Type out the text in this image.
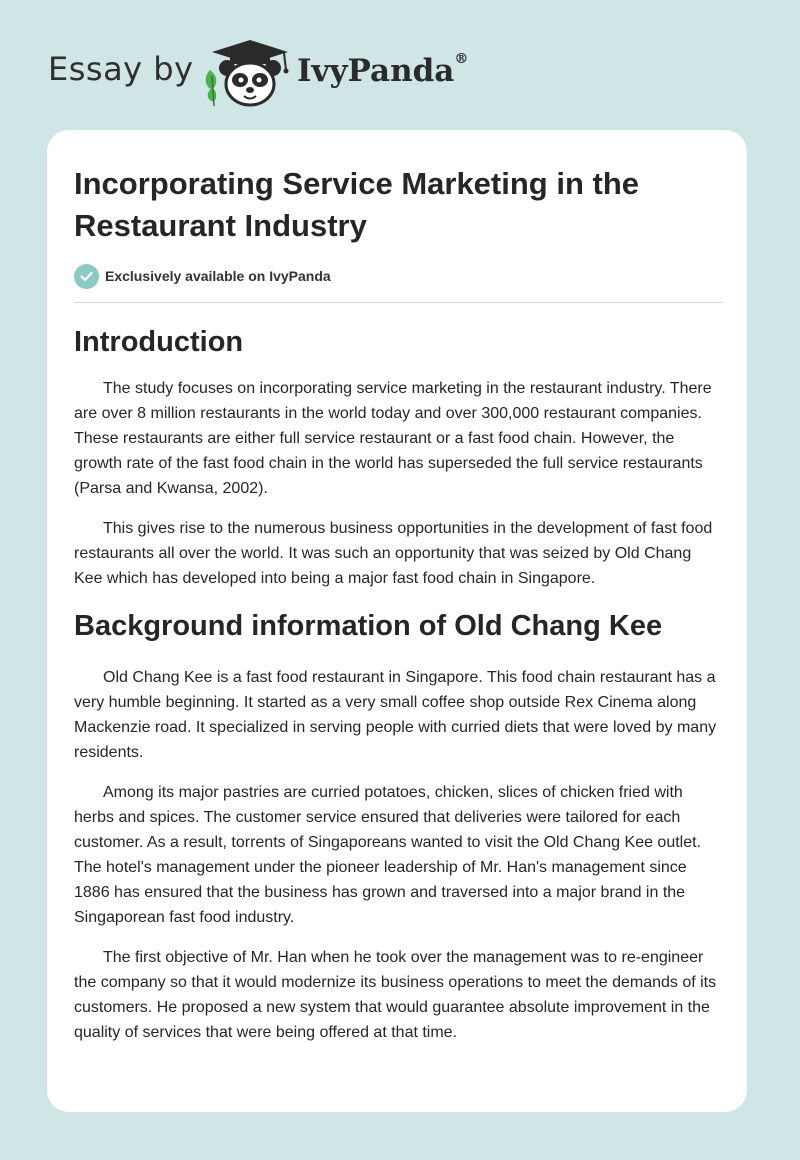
Essay by	IvyPanda®
Incorporating Service Marketing in the Restaurant Industry
Exclusively available on IvyPanda
Introduction

The study focuses on incorporating service marketing in the restaurant industry. There are over 8 million restaurants in the world today and over 300,000 restaurant companies. These restaurants are either full service restaurant or a fast food chain. However, the growth rate of the fast food chain in the world has superseded the full service restaurants (Parsa and Kwansa, 2002).

This gives rise to the numerous business opportunities in the development of fast food restaurants all over the world. It was such an opportunity that was seized by Old Chang Kee which has developed into being a major fast food chain in Singapore.

Background information of Old Chang Kee

Old Chang Kee is a fast food restaurant in Singapore. This food chain restaurant has a very humble beginning. It started as a very small coffee shop outside Rex Cinema along Mackenzie road. It specialized in serving people with curried diets that were loved by many residents.

Among its major pastries are curried potatoes, chicken, slices of chicken fried with herbs and spices. The customer service ensured that deliveries were tailored for each customer. As a result, torrents of Singaporeans wanted to visit the Old Chang Kee outlet. The hotel's management under the pioneer leadership of Mr. Han's management since 1886 has ensured that the business has grown and traversed into a major brand in the Singaporean fast food industry.

The first objective of Mr. Han when he took over the management was to re-engineer the company so that it would modernize its business operations to meet the demands of its customers. He proposed a new system that would guarantee absolute improvement in the quality of services that were being offered at that time.
